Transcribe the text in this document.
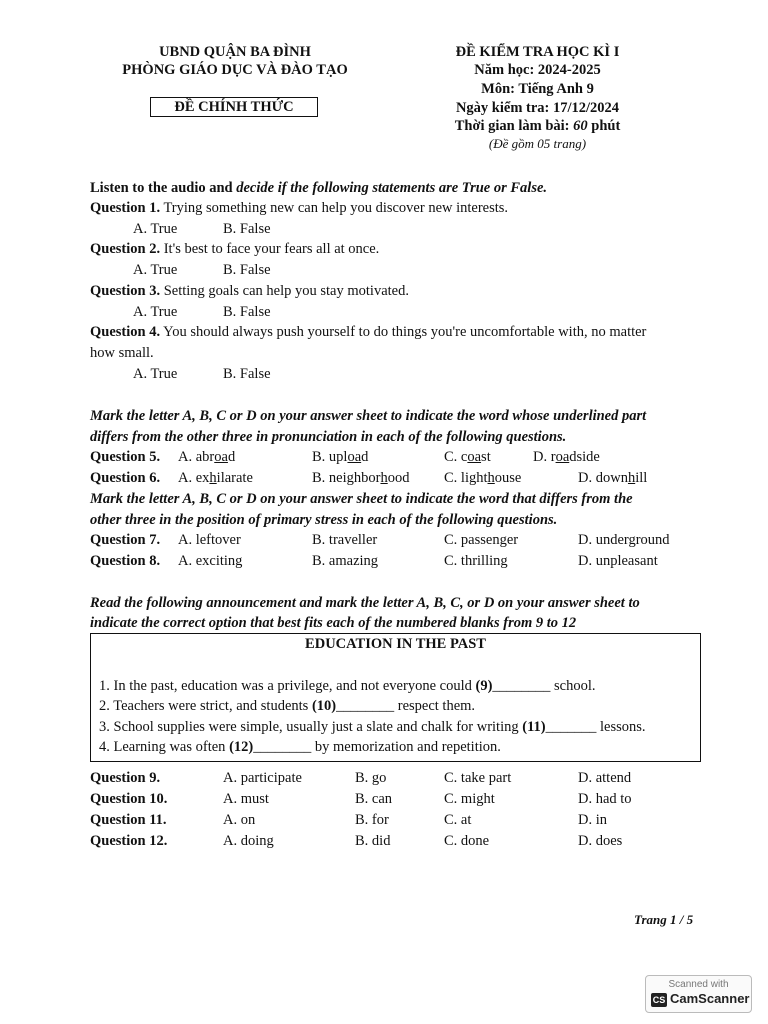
UBND QUẬN BA ĐÌNH
PHÒNG GIÁO DỤC VÀ ĐÀO TẠO
ĐỀ CHÍNH THỨC
ĐỀ KIỂM TRA HỌC KÌ I
Năm học: 2024-2025
Môn: Tiếng Anh 9
Ngày kiểm tra: 17/12/2024
Thời gian làm bài: 60 phút
(Đề gồm 05 trang)
Listen to the audio and decide if the following statements are True or False.
Question 1. Trying something new can help you discover new interests.
A. True	B. False
Question 2. It's best to face your fears all at once.
A. True	B. False
Question 3. Setting goals can help you stay motivated.
A. True	B. False
Question 4. You should always push yourself to do things you're uncomfortable with, no matter
how small.
A. True	B. False
Mark the letter A, B, C or D on your answer sheet to indicate the word whose underlined part
differs from the other three in pronunciation in each of the following questions.
Question 5. A. abroad	B. upload	C. coast	D. roadside
Question 6. A. exhilarate	B. neighborhood C. lighthouse	D. downhill
Mark the letter A, B, C or D on your answer sheet to indicate the word that differs from the
other three in the position of primary stress in each of the following questions.
Question 7. A. leftover	B. traveller	C. passenger	D. underground
Question 8. A. exciting	B. amazing	C. thrilling	D. unpleasant
Read the following announcement and mark the letter A, B, C, or D on your answer sheet to
indicate the correct option that best fits each of the numbered blanks from 9 to 12
EDUCATION IN THE PAST
1. In the past, education was a privilege, and not everyone could (9)________ school.
2. Teachers were strict, and students (10)________ respect them.
3. School supplies were simple, usually just a slate and chalk for writing (11)_______ lessons.
4. Learning was often (12)________ by memorization and repetition.
Question 9.	A. participate	B. go	C. take part	D. attend
Question 10.	A. must	B. can	C. might	D. had to
Question 11.	A. on	B. for	C. at	D. in
Question 12.	A. doing	B. did	C. done	D. does
Trang 1 / 5
Scanned with
CS CamScanner
